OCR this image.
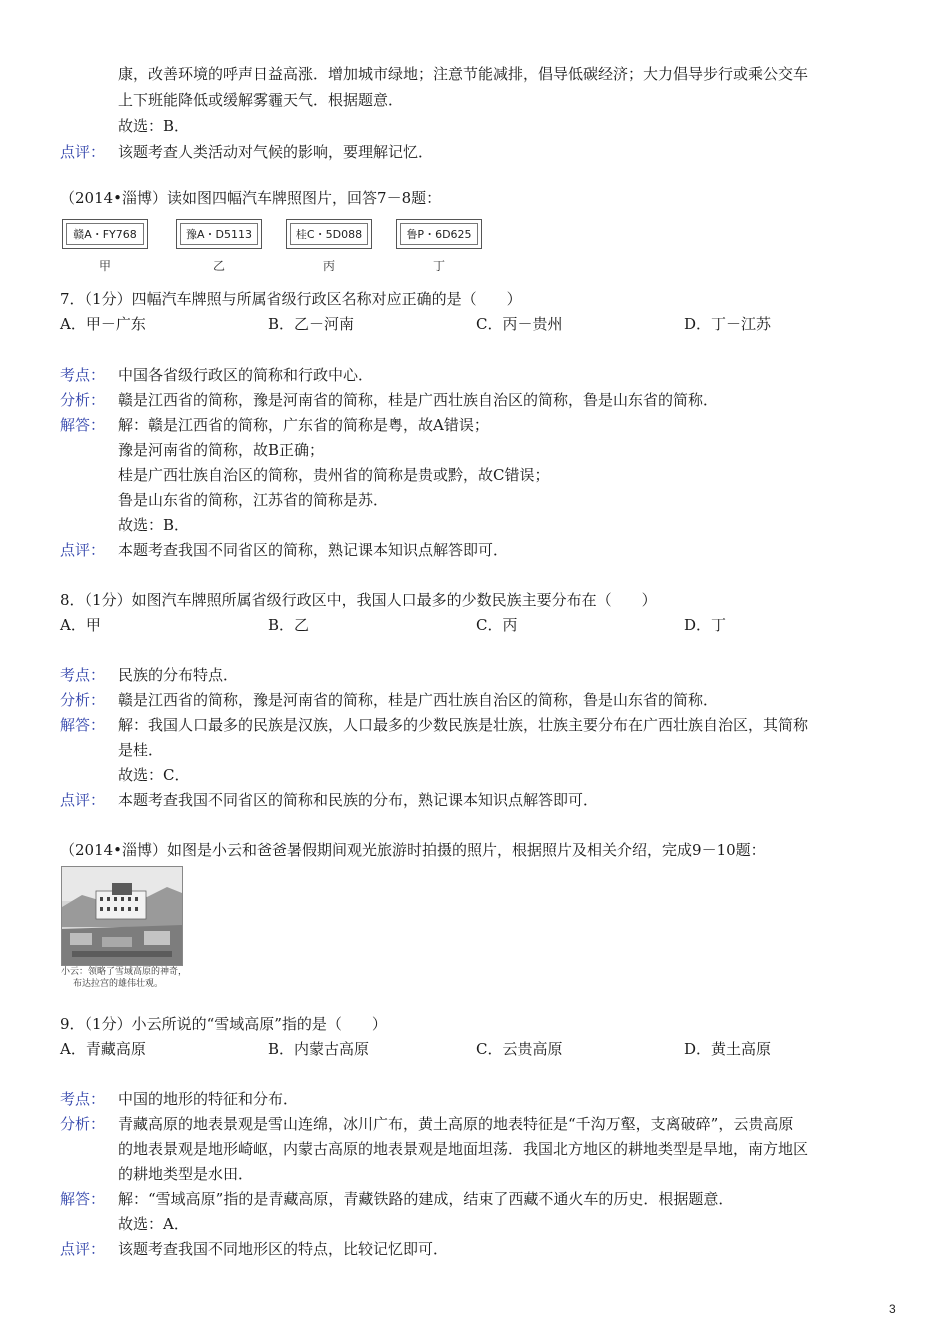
康，改善环境的呼声日益高涨．增加城市绿地；注意节能减排，倡导低碳经济；大力倡导步行或乘公交车
上下班能降低或缓解雾霾天气．根据题意．
故选：B．
点评： 该题考查人类活动对气候的影响，要理解记忆．
（2014•淄博）读如图四幅汽车牌照图片，回答7－8题：
赣A・FY768
甲
豫A・D5113
乙
桂C・5D088
丙
鲁P・6D625
丁
7．（1分）四幅汽车牌照与所属省级行政区名称对应正确的是（　　）
A．甲－广东	B．乙－河南	C．丙－贵州	D．丁－江苏
考点： 中国各省级行政区的简称和行政中心．
分析： 赣是江西省的简称，豫是河南省的简称，桂是广西壮族自治区的简称，鲁是山东省的简称．
解答： 解：赣是江西省的简称，广东省的简称是粤，故A错误；
豫是河南省的简称，故B正确；
桂是广西壮族自治区的简称，贵州省的简称是贵或黔，故C错误；
鲁是山东省的简称，江苏省的简称是苏．
故选：B．
点评： 本题考查我国不同省区的简称，熟记课本知识点解答即可．
8．（1分）如图汽车牌照所属省级行政区中，我国人口最多的少数民族主要分布在（　　）
A．甲	B．乙	C．丙	D．丁
考点： 民族的分布特点．
分析： 赣是江西省的简称，豫是河南省的简称，桂是广西壮族自治区的简称，鲁是山东省的简称．
解答： 解：我国人口最多的民族是汉族，人口最多的少数民族是壮族，壮族主要分布在广西壮族自治区，其简称
是桂．
故选：C．
点评： 本题考查我国不同省区的简称和民族的分布，熟记课本知识点解答即可．
（2014•淄博）如图是小云和爸爸暑假期间观光旅游时拍摄的照片，根据照片及相关介绍，完成9－10题：
小云：领略了雪域高原的神奇，
布达拉宫的雄伟壮观。
9．（1分）小云所说的“雪域高原”指的是（　　）
A．青藏高原	B．内蒙古高原	C．云贵高原	D．黄土高原
考点： 中国的地形的特征和分布．
分析： 青藏高原的地表景观是雪山连绵，冰川广布，黄土高原的地表特征是“千沟万壑，支离破碎”，云贵高原
的地表景观是地形崎岖，内蒙古高原的地表景观是地面坦荡．我国北方地区的耕地类型是旱地，南方地区
的耕地类型是水田．
解答： 解：“雪域高原”指的是青藏高原，青藏铁路的建成，结束了西藏不通火车的历史．根据题意．
故选：A．
点评： 该题考查我国不同地形区的特点，比较记忆即可．
3
